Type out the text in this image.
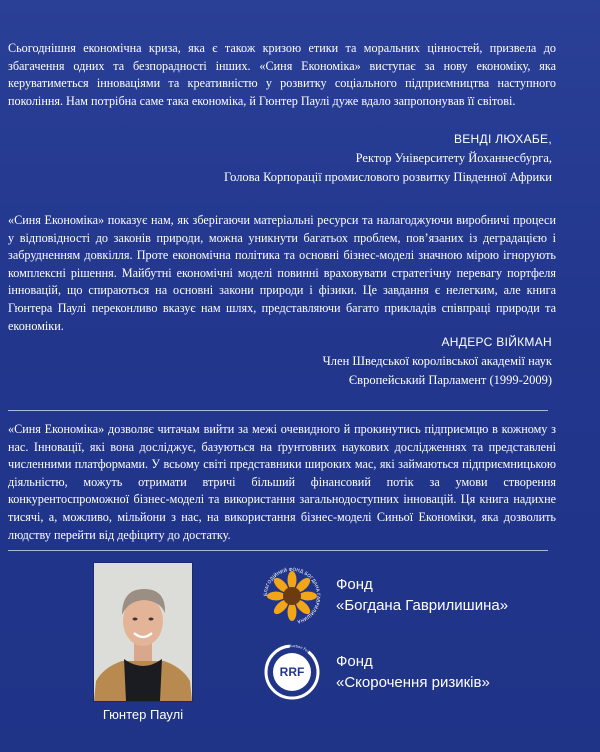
Сьогоднішня економічна криза, яка є також кризою етики та моральних цінностей, призвела до збагачення одних та безпорадності інших. «Синя Економіка» виступає за нову економіку, яка керуватиметься інноваціями та креативністю у розвитку соціального підприємництва наступного покоління. Нам потрібна саме така економіка, й Гюнтер Паулі дуже вдало запропонував її світові.

ВЕНДІ ЛЮХАБЕ,
Ректор Університету Йоханнесбурга,
Голова Корпорації промислового розвитку Південної Африки

«Синя Економіка» показує нам, як зберігаючи матеріальні ресурси та налагоджуючи виробничі процеси у відповідності до законів природи, можна уникнути багатьох проблем, пов’язаних із деградацією і забрудненням довкілля. Проте економічна політика та основні бізнес-моделі значною мірою ігнорують комплексні рішення. Майбутні економічні моделі повинні враховувати стратегічну перевагу портфеля інновацій, що спираються на основні закони природи і фізики. Це завдання є нелегким, але книга Гюнтера Паулі переконливо вказує нам шлях, представляючи багато прикладів співпраці природи та економіки.

АНДЕРС ВІЙКМАН
Член Шведської королівської академії наук
Європейський Парламент (1999-2009)

«Синя Економіка» дозволяє читачам вийти за межі очевидного й прокинутись підприємцю в кожному з нас. Інновації, які вона досліджує, базуються на ґрунтовних наукових дослідженнях та представлені численними платформами. У всьому світі представники широких мас, які займаються підприємницькою діяльністю, можуть отримати втричі більший фінансовий потік за умови створення конкурентоспроможної бізнес-моделі та використання загальнодоступних інновацій. Ця книга надихне тисячі, а, можливо, мільйони з нас, на використання бізнес-моделі Синьої Економіки, яка дозволить людству перейти від дефіциту до достатку.

Гюнтер Паулі
БЛАГОДІЙНИЙ ФОНД БОГДАНА ГАВРИЛИШИНА
Фонд
«Богдана Гаврилишина»
RRF
Risk Reduction Foundation Фонд
«Скорочення ризиків»
